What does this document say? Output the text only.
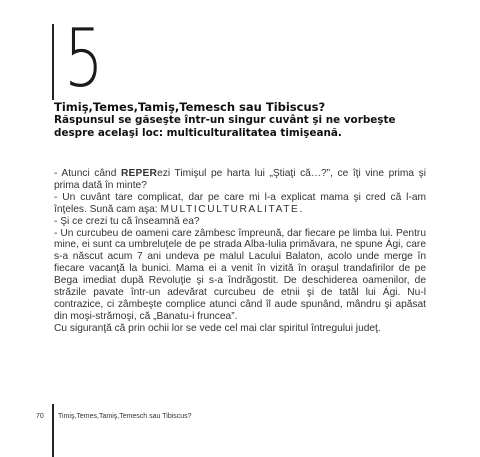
5
Timiş,Temes,Tamiş,Temesch sau Tibiscus?
Răspunsul se găseşte într-un singur cuvânt şi ne vorbeşte
despre acelaşi loc: multiculturalitatea timişeană.

- Atunci când REPERezi Timişul pe harta lui „Ştiaţi că…?”, ce îţi vine prima şi prima dată în minte?

- Un cuvânt tare complicat, dar pe care mi l-a explicat mama şi cred că l-am înţeles. Sună cam aşa: MULTICULTURALITATE.

- Şi ce crezi tu că înseamnă ea?

- Un curcubeu de oameni care zâmbesc împreună, dar fiecare pe limba lui. Pentru mine, ei sunt ca umbreluţele de pe strada Alba-Iulia primăvara, ne spune Ági, care s-a născut acum 7 ani undeva pe malul Lacului Balaton, acolo unde merge în fiecare vacanţă la bunici. Mama ei a venit în vizită în oraşul trandafirilor de pe Bega imediat după Revoluţie şi s-a îndrăgostit. De deschiderea oamenilor, de străzile pavate într-un adevărat curcubeu de etnii şi de tatăl lui Ági. Nu-l contrazice, ci zâmbeşte complice atunci când îl aude spunând, mândru şi apăsat din moşi-strămoşi, că „Banatu-i fruncea”.

Cu siguranţă că prin ochii lor se vede cel mai clar spiritul întregului judeţ.

70 Timiş,Temes,Tamiş,Temesch sau Tibiscus?
